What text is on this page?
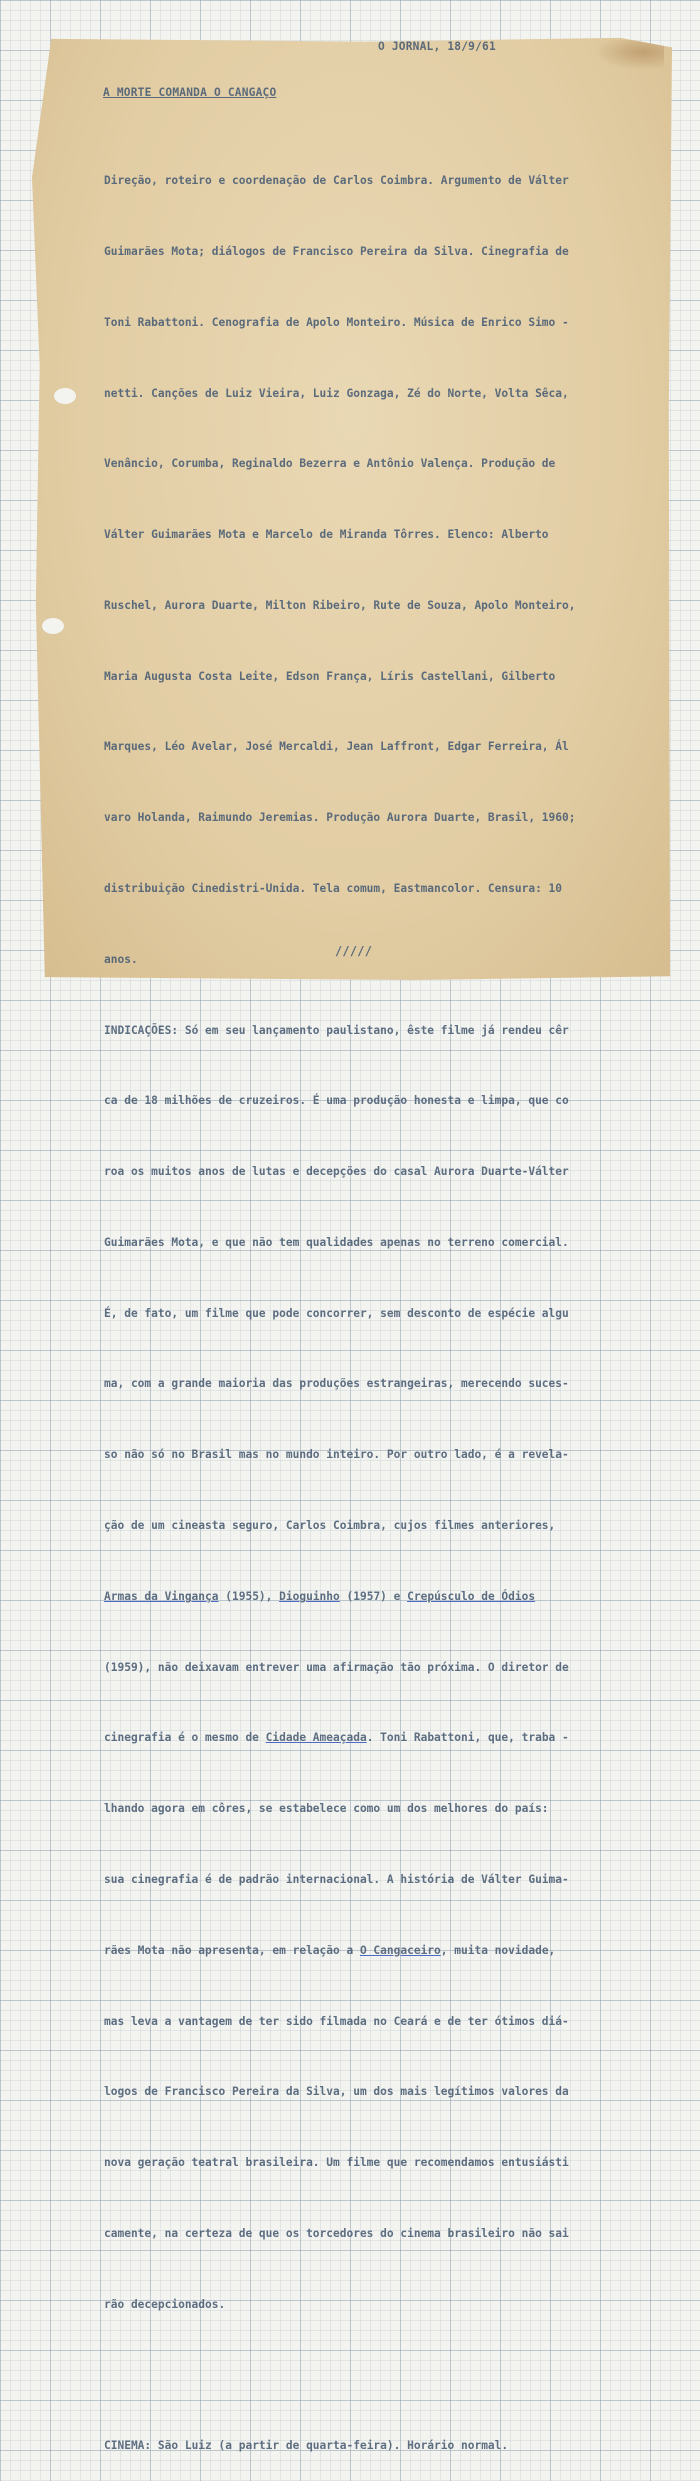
O JORNAL, 18/9/61
A MORTE COMANDA O CANGAÇO

Direção, roteiro e coordenação de Carlos Coimbra. Argumento de Válter

Guimarães Mota; diálogos de Francisco Pereira da Silva. Cinegrafia de

Toni Rabattoni. Cenografia de Apolo Monteiro. Música de Enrico Simo -

netti. Canções de Luiz Vieira, Luiz Gonzaga, Zé do Norte, Volta Sêca,

Venâncio, Corumba, Reginaldo Bezerra e Antônio Valença. Produção de

Válter Guimarães Mota e Marcelo de Miranda Tôrres. Elenco: Alberto

Ruschel, Aurora Duarte, Milton Ribeiro, Rute de Souza, Apolo Monteiro,

Maria Augusta Costa Leite, Edson França, Líris Castellani, Gilberto

Marques, Léo Avelar, José Mercaldi, Jean Laffront, Edgar Ferreira, Ál

varo Holanda, Raimundo Jeremias. Produção Aurora Duarte, Brasil, 1960;

distribuição Cinedistri-Unida. Tela comum, Eastmancolor. Censura: 10

anos.

INDICAÇÕES: Só em seu lançamento paulistano, êste filme já rendeu cêr

ca de 18 milhões de cruzeiros. É uma produção honesta e limpa, que co

roa os muitos anos de lutas e decepções do casal Aurora Duarte-Válter

Guimarães Mota, e que não tem qualidades apenas no terreno comercial.

É, de fato, um filme que pode concorrer, sem desconto de espécie algu

ma, com a grande maioria das produções estrangeiras, merecendo suces-

so não só no Brasil mas no mundo inteiro. Por outro lado, é a revela-

ção de um cineasta seguro, Carlos Coimbra, cujos filmes anteriores,

Armas da Vingança (1955), Dioguinho (1957) e Crepúsculo de Ódios

(1959), não deixavam entrever uma afirmação tão próxima. O diretor de

cinegrafia é o mesmo de Cidade Ameaçada. Toni Rabattoni, que, traba -

lhando agora em côres, se estabelece como um dos melhores do país:

sua cinegrafia é de padrão internacional. A história de Válter Guima-

rães Mota não apresenta, em relação a O Cangaceiro, muita novidade,

mas leva a vantagem de ter sido filmada no Ceará e de ter ótimos diá-

logos de Francisco Pereira da Silva, um dos mais legítimos valores da

nova geração teatral brasileira. Um filme que recomendamos entusiásti

camente, na certeza de que os torcedores do cinema brasileiro não sai

rão decepcionados.

CINEMA: São Luiz (a partir de quarta-feira). Horário normal.

/////
